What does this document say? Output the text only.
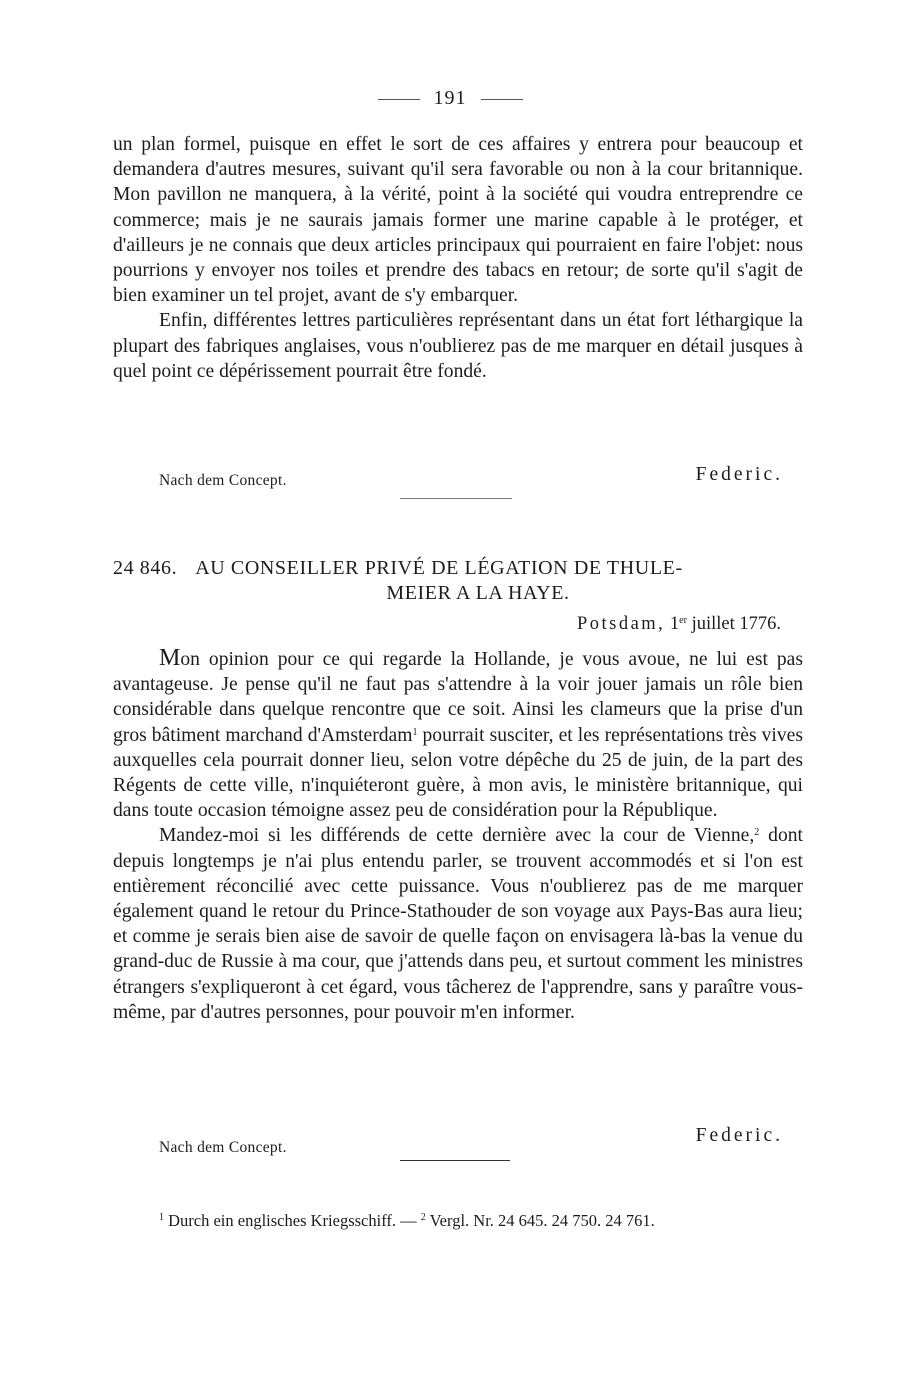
191

un plan formel, puisque en effet le sort de ces affaires y entrera pour beaucoup et demandera d'autres mesures, suivant qu'il sera favorable ou non à la cour britannique. Mon pavillon ne manquera, à la vérité, point à la société qui voudra entreprendre ce commerce; mais je ne saurais jamais former une marine capable à le protéger, et d'ailleurs je ne connais que deux articles principaux qui pourraient en faire l'objet: nous pourrions y envoyer nos toiles et prendre des tabacs en retour; de sorte qu'il s'agit de bien examiner un tel projet, avant de s'y embarquer.

Enfin, différentes lettres particulières représentant dans un état fort léthargique la plupart des fabriques anglaises, vous n'oublierez pas de me marquer en détail jusques à quel point ce dépérissement pourrait être fondé.

Nach dem Concept.	Federic.
24 846. AU CONSEILLER PRIVÉ DE LÉGATION DE THULE-
MEIER A LA HAYE.
Potsdam, 1er juillet 1776.

Mon opinion pour ce qui regarde la Hollande, je vous avoue, ne lui est pas avantageuse. Je pense qu'il ne faut pas s'attendre à la voir jouer jamais un rôle bien considérable dans quelque rencontre que ce soit. Ainsi les clameurs que la prise d'un gros bâtiment marchand d'Amsterdam$^1$ pourrait susciter, et les représentations très vives auxquelles cela pourrait donner lieu, selon votre dépêche du 25 de juin, de la part des Régents de cette ville, n'inquiéteront guère, à mon avis, le ministère britannique, qui dans toute occasion témoigne assez peu de considération pour la République.

Mandez-moi si les différends de cette dernière avec la cour de Vienne,$^2$ dont depuis longtemps je n'ai plus entendu parler, se trouvent accommodés et si l'on est entièrement réconcilié avec cette puissance. Vous n'oublierez pas de me marquer également quand le retour du Prince-Stathouder de son voyage aux Pays-Bas aura lieu; et comme je serais bien aise de savoir de quelle façon on envisagera là-bas la venue du grand-duc de Russie à ma cour, que j'attends dans peu, et surtout comment les ministres étrangers s'expliqueront à cet égard, vous tâcherez de l'apprendre, sans y paraître vous-même, par d'autres personnes, pour pouvoir m'en informer.

Nach dem Concept.
Federic.
$^1$ Durch ein englisches Kriegsschiff. — $^2$ Vergl. Nr. 24 645. 24 750. 24 761.
